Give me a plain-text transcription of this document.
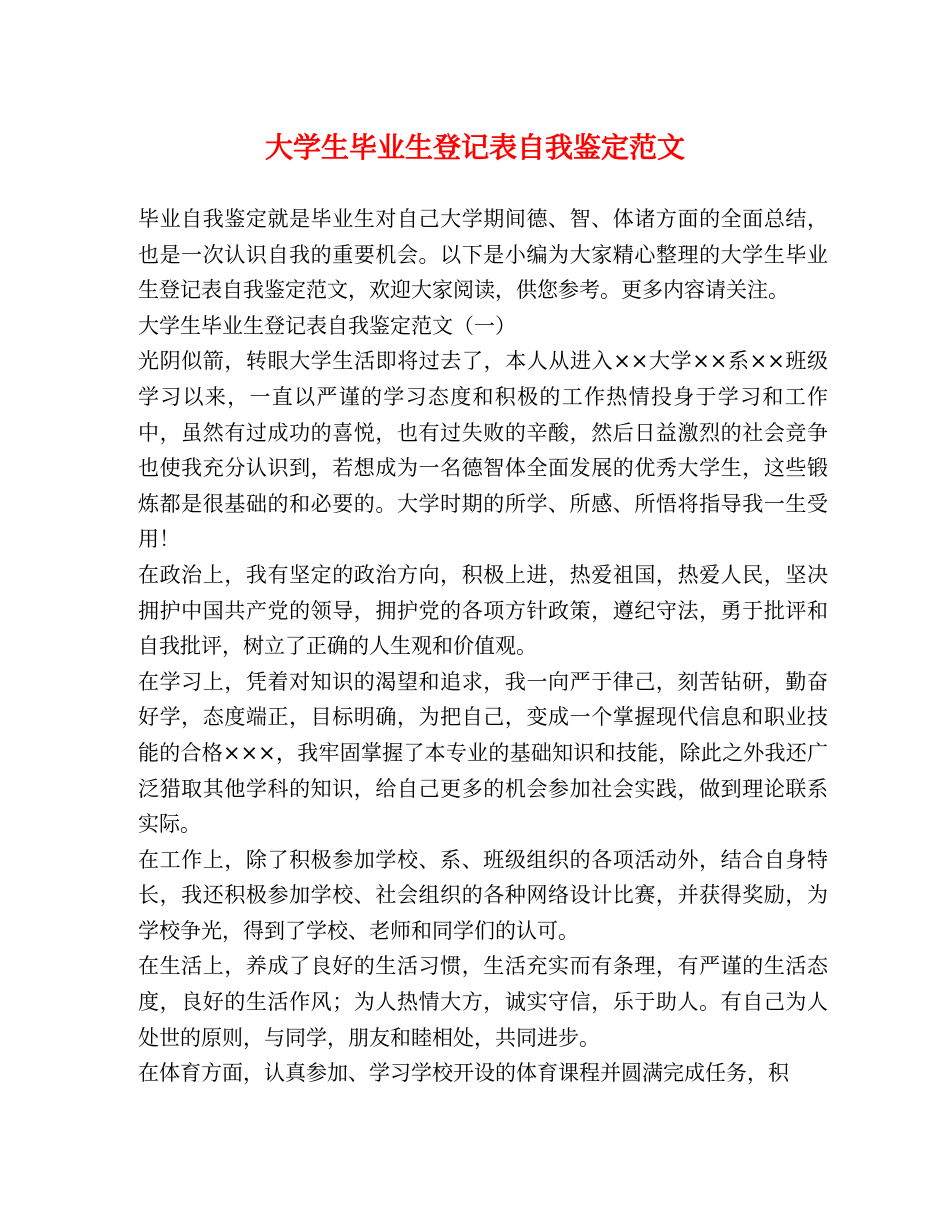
大学生毕业生登记表自我鉴定范文

毕业自我鉴定就是毕业生对自己大学期间德、智、体诸方面的全面总结，也是一次认识自我的重要机会。以下是小编为大家精心整理的大学生毕业生登记表自我鉴定范文，欢迎大家阅读，供您参考。更多内容请关注。

大学生毕业生登记表自我鉴定范文（一）

光阴似箭，转眼大学生活即将过去了，本人从进入××大学××系××班级学习以来，一直以严谨的学习态度和积极的工作热情投身于学习和工作中，虽然有过成功的喜悦，也有过失败的辛酸，然后日益激烈的社会竞争也使我充分认识到，若想成为一名德智体全面发展的优秀大学生，这些锻炼都是很基础的和必要的。大学时期的所学、所感、所悟将指导我一生受用！

在政治上，我有坚定的政治方向，积极上进，热爱祖国，热爱人民，坚决拥护中国共产党的领导，拥护党的各项方针政策，遵纪守法，勇于批评和自我批评，树立了正确的人生观和价值观。

在学习上，凭着对知识的渴望和追求，我一向严于律己，刻苦钻研，勤奋好学，态度端正，目标明确，为把自己，变成一个掌握现代信息和职业技能的合格×××，我牢固掌握了本专业的基础知识和技能，除此之外我还广泛猎取其他学科的知识，给自己更多的机会参加社会实践，做到理论联系实际。

在工作上，除了积极参加学校、系、班级组织的各项活动外，结合自身特长，我还积极参加学校、社会组织的各种网络设计比赛，并获得奖励，为学校争光，得到了学校、老师和同学们的认可。

在生活上，养成了良好的生活习惯，生活充实而有条理，有严谨的生活态度，良好的生活作风；为人热情大方，诚实守信，乐于助人。有自己为人处世的原则，与同学，朋友和睦相处，共同进步。

在体育方面，认真参加、学习学校开设的体育课程并圆满完成任务，积
